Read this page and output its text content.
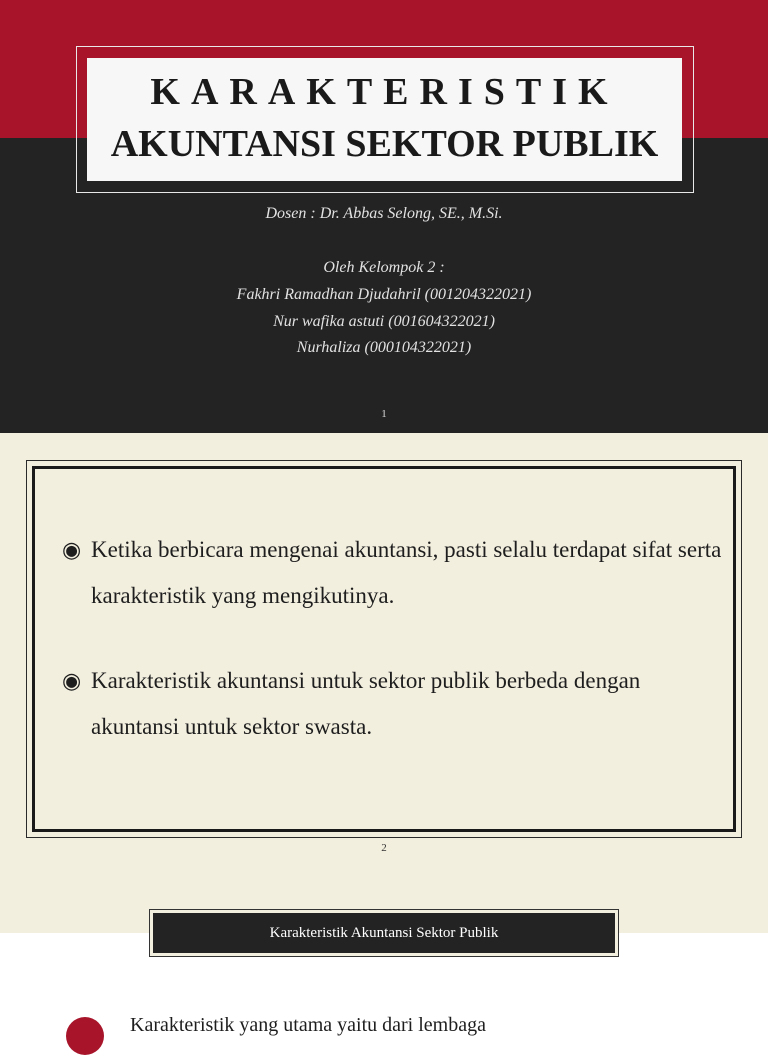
KARAKTERISTIK
AKUNTANSI SEKTOR PUBLIK
Dosen : Dr. Abbas Selong, SE., M.Si.
Oleh Kelompok 2 :
Fakhri Ramadhan Djudahril (001204322021)
Nur wafika astuti (001604322021)
Nurhaliza (000104322021)
1
◉ Ketika berbicara mengenai akuntansi, pasti selalu terdapat sifat serta karakteristik yang mengikutinya.
◉ Karakteristik akuntansi untuk sektor publik berbeda dengan akuntansi untuk sektor swasta.
2
Karakteristik Akuntansi Sektor Publik
Karakteristik yang utama yaitu dari lembaga
